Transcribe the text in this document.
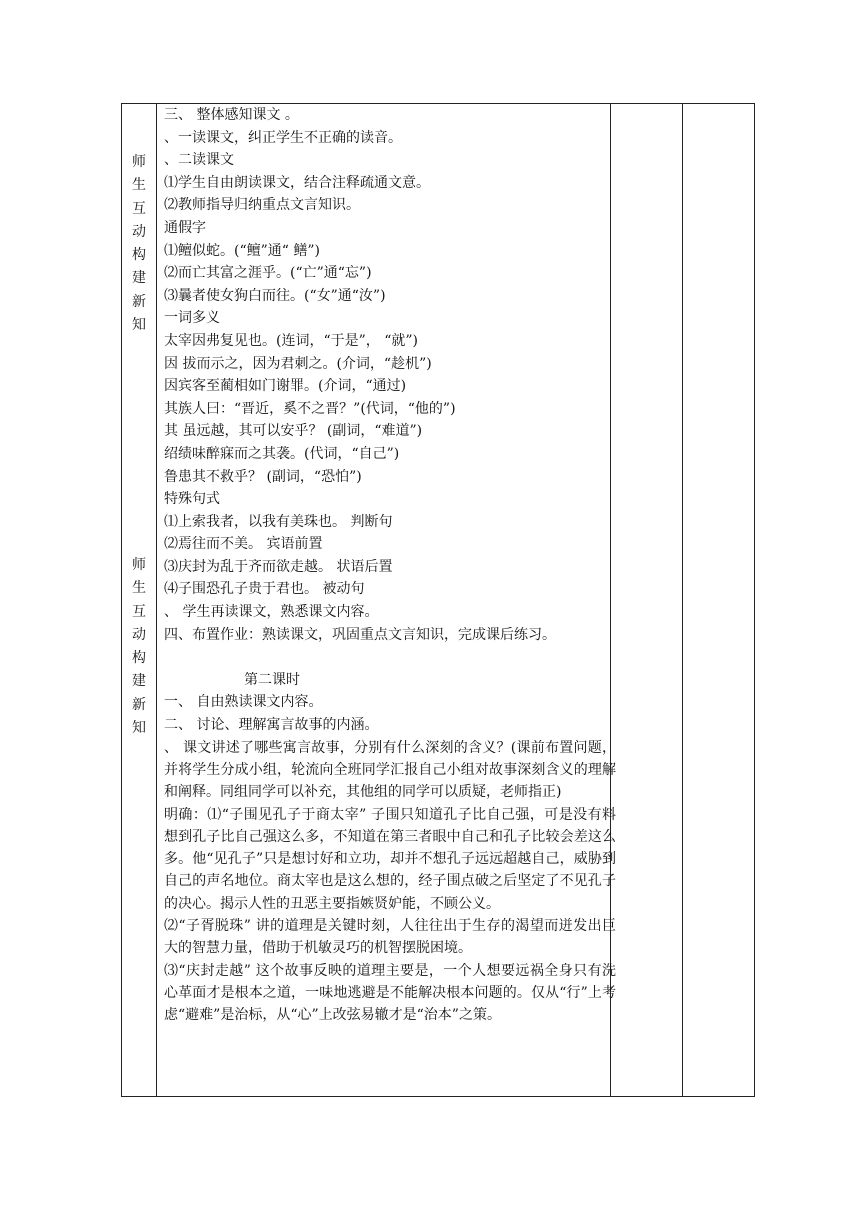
师
生
互
动
构
建
新
知
师
生
互
动
构
建
新
知
三、 整体感知课文 。
、一读课文，纠正学生不正确的读音。
、二读课文
⑴学生自由朗读课文，结合注释疏通文意。
⑵教师指导归纳重点文言知识。
通假字
⑴鳣似蛇。(“鳣”通“ 鳝”)
⑵而亡其富之涯乎。(“亡”通“忘”)
⑶曩者使女狗白而往。(“女”通“汝”)
一词多义
太宰因弗复见也。(连词，“于是”， “就”)
因 拔而示之，因为君刺之。(介词，“趁机”)
因宾客至蔺相如门谢罪。(介词，“通过)
其族人曰：“晋近，奚不之晋？”(代词，“他的”)
其 虽远越，其可以安乎？ (副词，“难道”)
绍绩味醉寐而之其袭。(代词，“自己”)
鲁患其不救乎？ (副词，“恐怕”)
特殊句式
⑴上索我者，以我有美珠也。 判断句
⑵焉往而不美。 宾语前置
⑶庆封为乱于齐而欲走越。 状语后置
⑷子围恐孔子贵于君也。 被动句
、 学生再读课文，熟悉课文内容。
四、布置作业：熟读课文，巩固重点文言知识，完成课后练习。
第二课时
一、 自由熟读课文内容。
二、 讨论、理解寓言故事的内涵。
、 课文讲述了哪些寓言故事，分别有什么深刻的含义？(课前布置问题，并将学生分成小组，轮流向全班同学汇报自己小组对故事深刻含义的理解和阐释。同组同学可以补充，其他组的同学可以质疑，老师指正)
明确：⑴“子围见孔子于商太宰” 子围只知道孔子比自己强，可是没有料想到孔子比自己强这么多，不知道在第三者眼中自己和孔子比较会差这么多。他“见孔子”只是想讨好和立功，却并不想孔子远远超越自己，威胁到自己的声名地位。商太宰也是这么想的，经子围点破之后坚定了不见孔子的决心。揭示人性的丑恶主要指嫉贤妒能，不顾公义。
⑵“子胥脱珠” 讲的道理是关键时刻，人往往出于生存的渴望而迸发出巨大的智慧力量，借助于机敏灵巧的机智摆脱困境。
⑶“庆封走越” 这个故事反映的道理主要是，一个人想要远祸全身只有洗心革面才是根本之道，一味地逃避是不能解决根本问题的。仅从“行”上考虑“避难”是治标，从“心”上改弦易辙才是“治本”之策。
